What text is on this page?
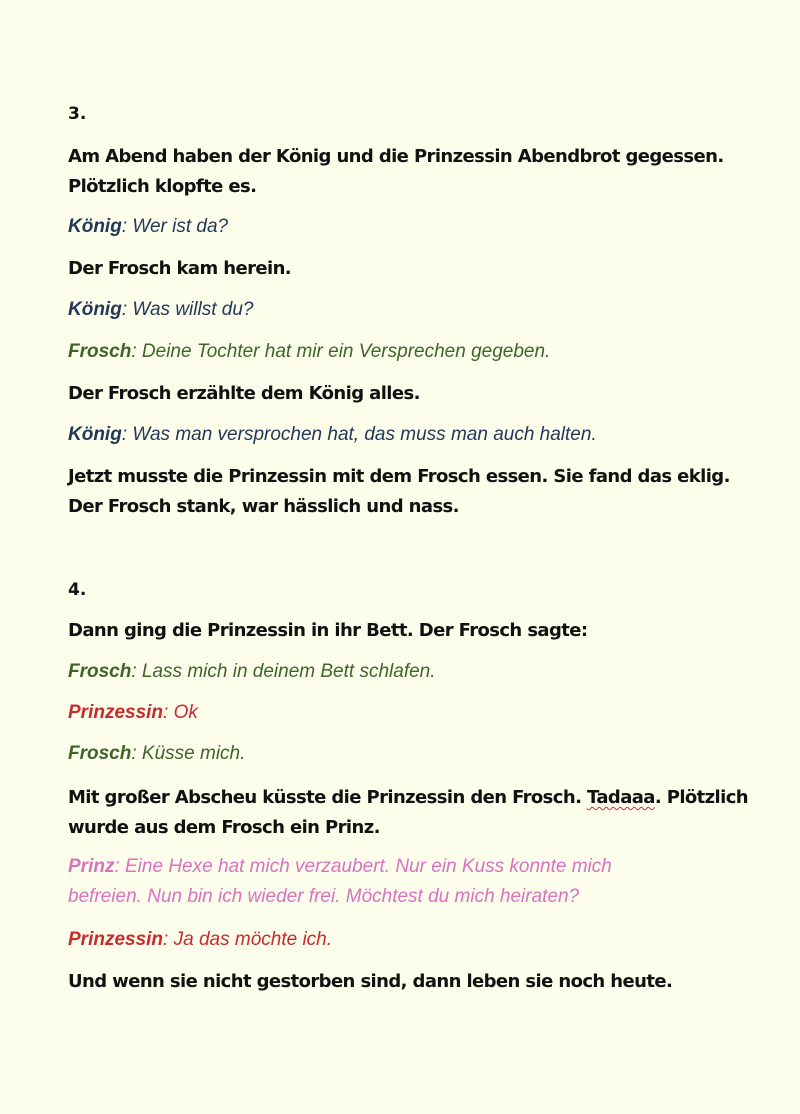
3.
Am Abend haben der König und die Prinzessin Abendbrot gegessen.
Plötzlich klopfte es.
König: Wer ist da?
Der Frosch kam herein.
König: Was willst du?
Frosch: Deine Tochter hat mir ein Versprechen gegeben.
Der Frosch erzählte dem König alles.
König: Was man versprochen hat, das muss man auch halten.
Jetzt musste die Prinzessin mit dem Frosch essen. Sie fand das eklig.
Der Frosch stank, war hässlich und nass.
4.
Dann ging die Prinzessin in ihr Bett. Der Frosch sagte:
Frosch: Lass mich in deinem Bett schlafen.
Prinzessin: Ok
Frosch: Küsse mich.
Mit großer Abscheu küsste die Prinzessin den Frosch. Tadaaa. Plötzlich
wurde aus dem Frosch ein Prinz.
Prinz: Eine Hexe hat mich verzaubert. Nur ein Kuss konnte mich
befreien. Nun bin ich wieder frei. Möchtest du mich heiraten?
Prinzessin: Ja das möchte ich.
Und wenn sie nicht gestorben sind, dann leben sie noch heute.
